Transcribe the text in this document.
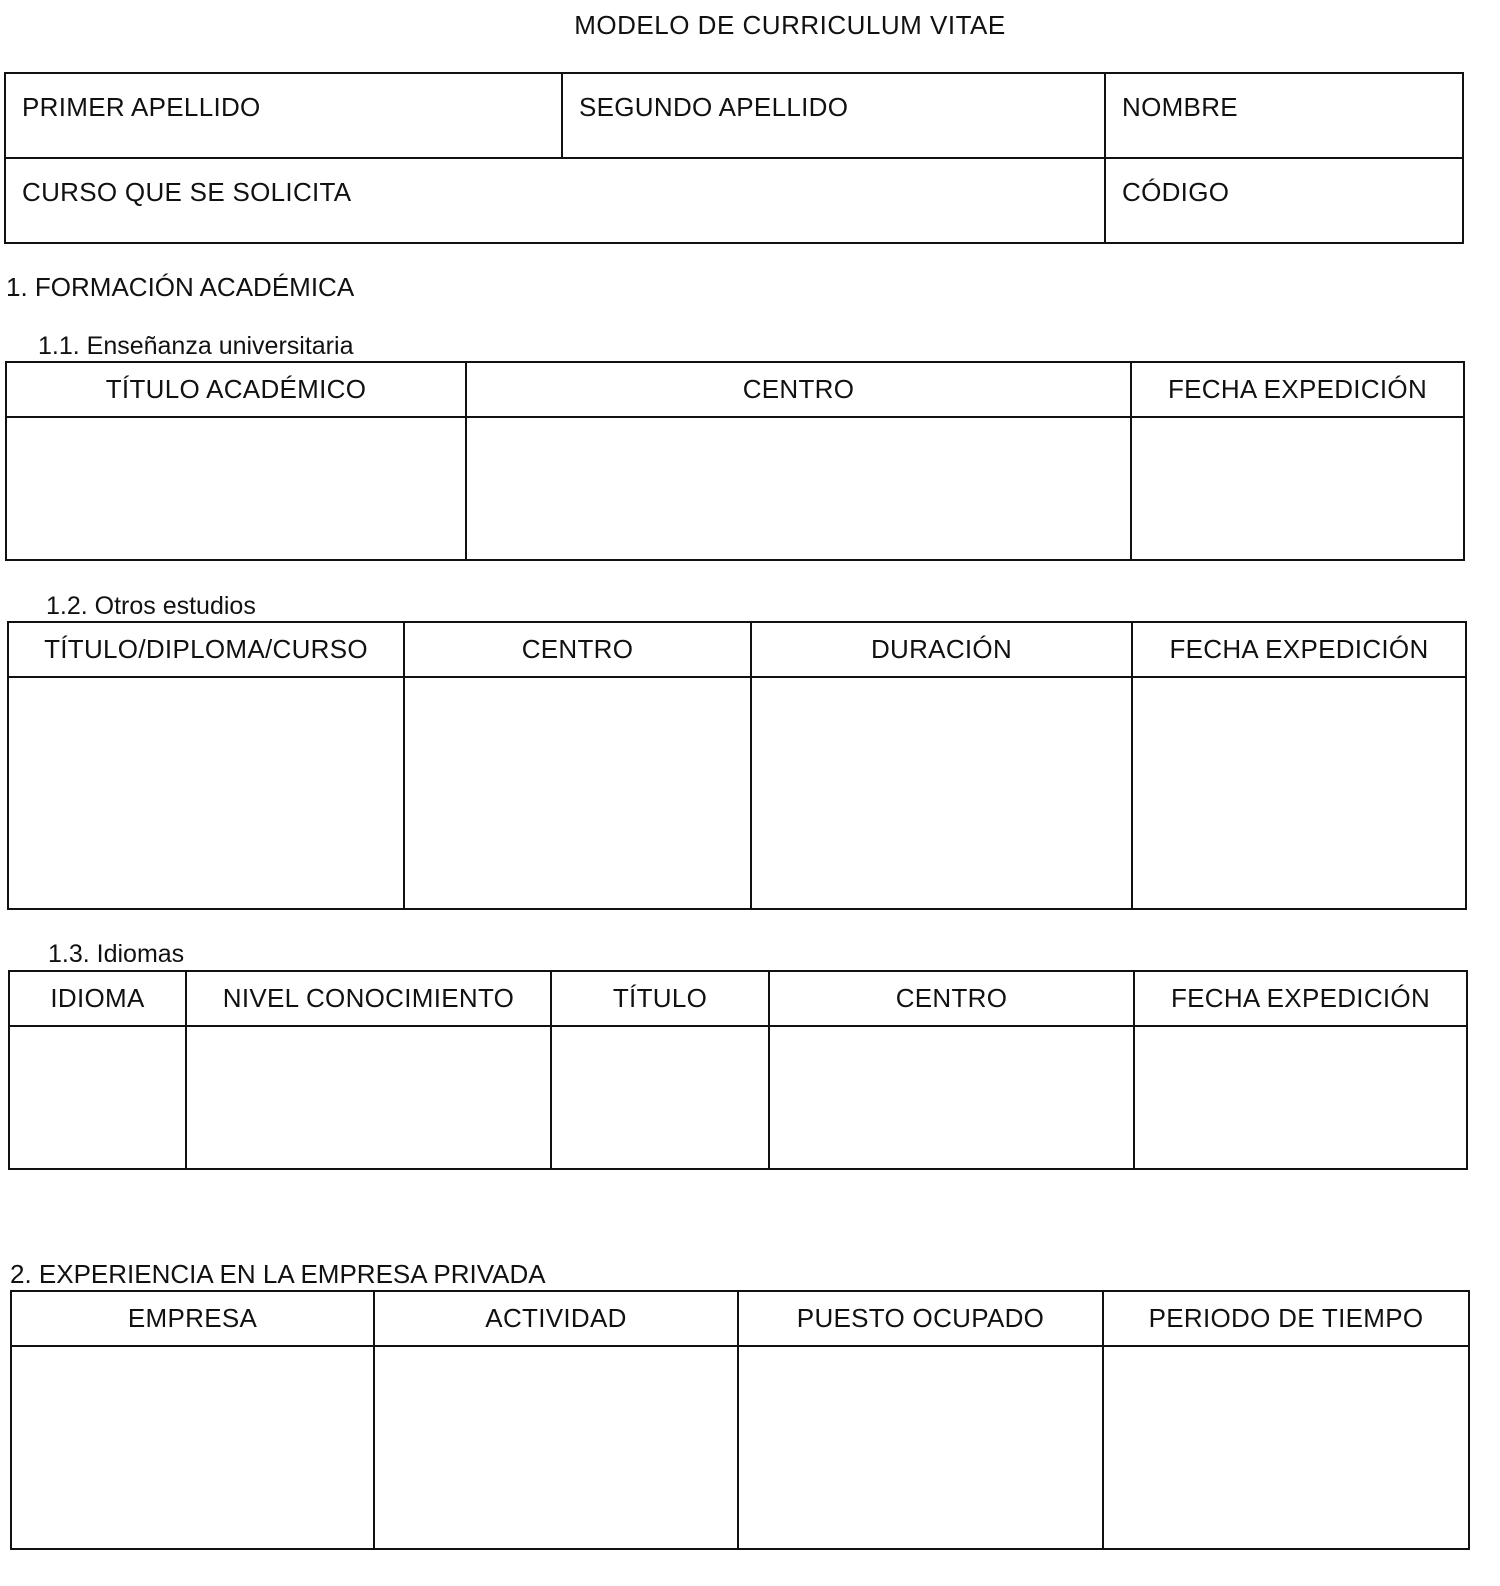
MODELO DE CURRICULUM VITAE
PRIMER APELLIDO	SEGUNDO APELLIDO	NOMBRE
CURSO QUE SE SOLICITA		CÓDIGO
1. FORMACIÓN ACADÉMICA
1.1. Enseñanza universitaria
TÍTULO ACADÉMICO	CENTRO	FECHA EXPEDICIÓN

1.2. Otros estudios
TÍTULO/DIPLOMA/CURSO	CENTRO	DURACIÓN	FECHA EXPEDICIÓN

1.3. Idiomas
IDIOMA	NIVEL CONOCIMIENTO	TÍTULO	CENTRO	FECHA EXPEDICIÓN

2. EXPERIENCIA EN LA EMPRESA PRIVADA
EMPRESA	ACTIVIDAD	PUESTO OCUPADO	PERIODO DE TIEMPO
